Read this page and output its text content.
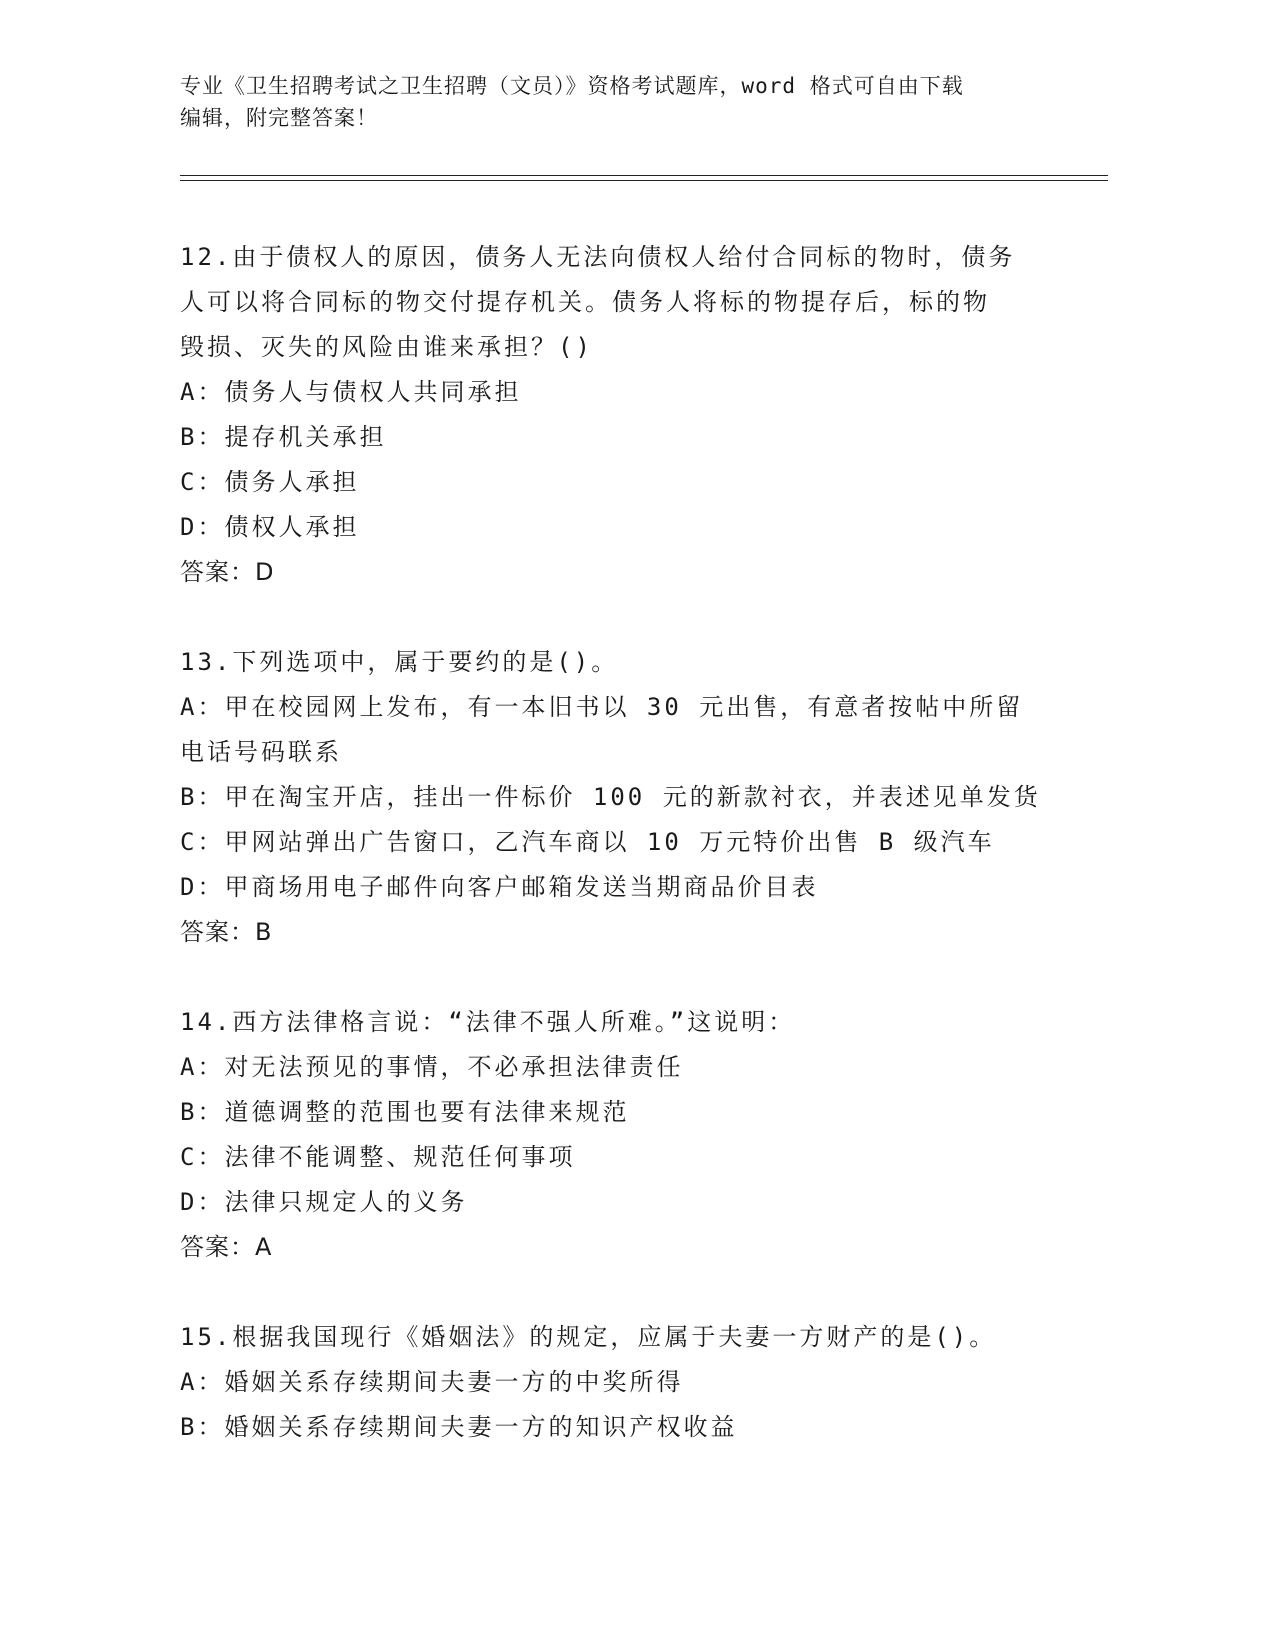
专业《卫生招聘考试之卫生招聘（文员）》资格考试题库，word 格式可自由下载
编辑，附完整答案！
12.由于债权人的原因，债务人无法向债权人给付合同标的物时，债务
人可以将合同标的物交付提存机关。债务人将标的物提存后，标的物
毁损、灭失的风险由谁来承担？()
A：债务人与债权人共同承担
B：提存机关承担
C：债务人承担
D：债权人承担
答案：D
13.下列选项中，属于要约的是()。
A：甲在校园网上发布，有一本旧书以 30 元出售，有意者按帖中所留
电话号码联系
B：甲在淘宝开店，挂出一件标价 100 元的新款衬衣，并表述见单发货
C：甲网站弹出广告窗口，乙汽车商以 10 万元特价出售 B 级汽车
D：甲商场用电子邮件向客户邮箱发送当期商品价目表
答案：B
14.西方法律格言说：“法律不强人所难。”这说明：
A：对无法预见的事情，不必承担法律责任
B：道德调整的范围也要有法律来规范
C：法律不能调整、规范任何事项
D：法律只规定人的义务
答案：A
15.根据我国现行《婚姻法》的规定，应属于夫妻一方财产的是()。
A：婚姻关系存续期间夫妻一方的中奖所得
B：婚姻关系存续期间夫妻一方的知识产权收益
